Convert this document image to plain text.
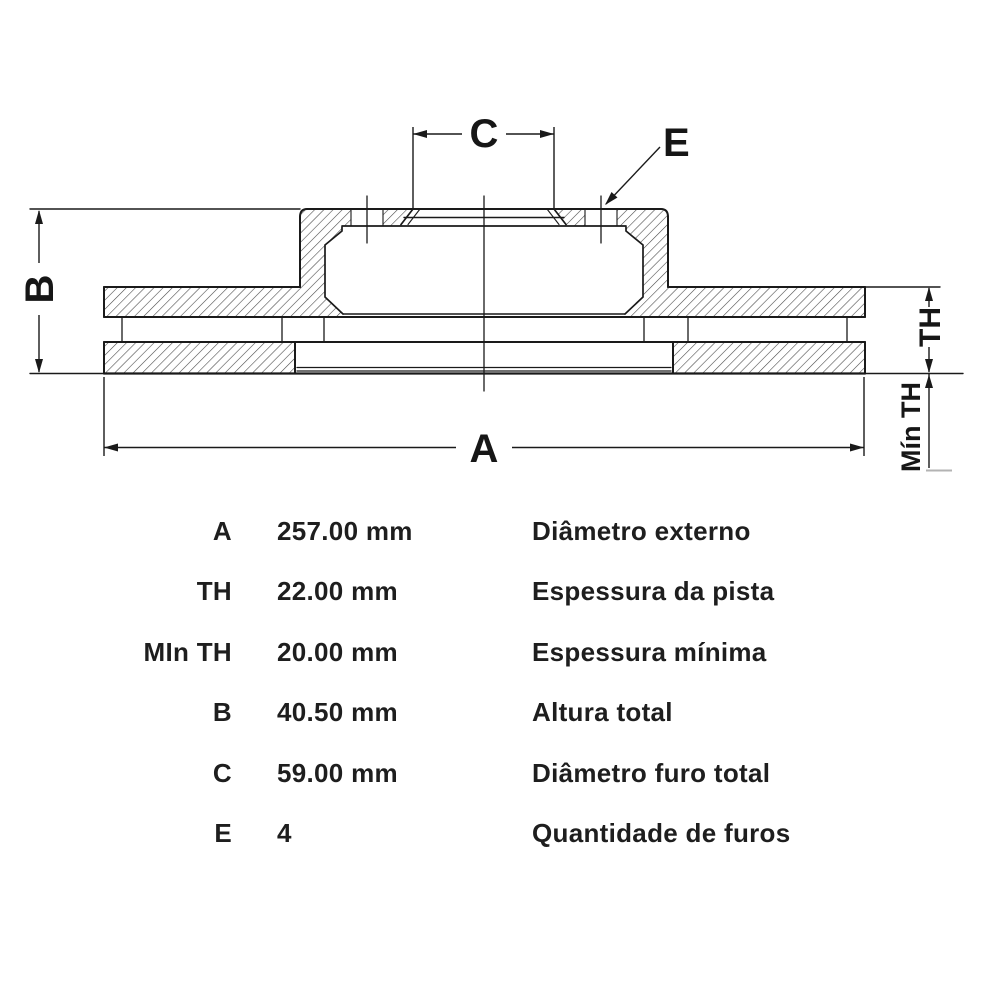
C	E
B
A
TH
Mín TH
A	257.00 mm	Diâmetro externo
TH	22.00 mm	Espessura da pista
MIn TH	20.00 mm	Espessura mínima
B	40.50 mm	Altura total
C	59.00 mm	Diâmetro furo total
E	4	Quantidade de furos
